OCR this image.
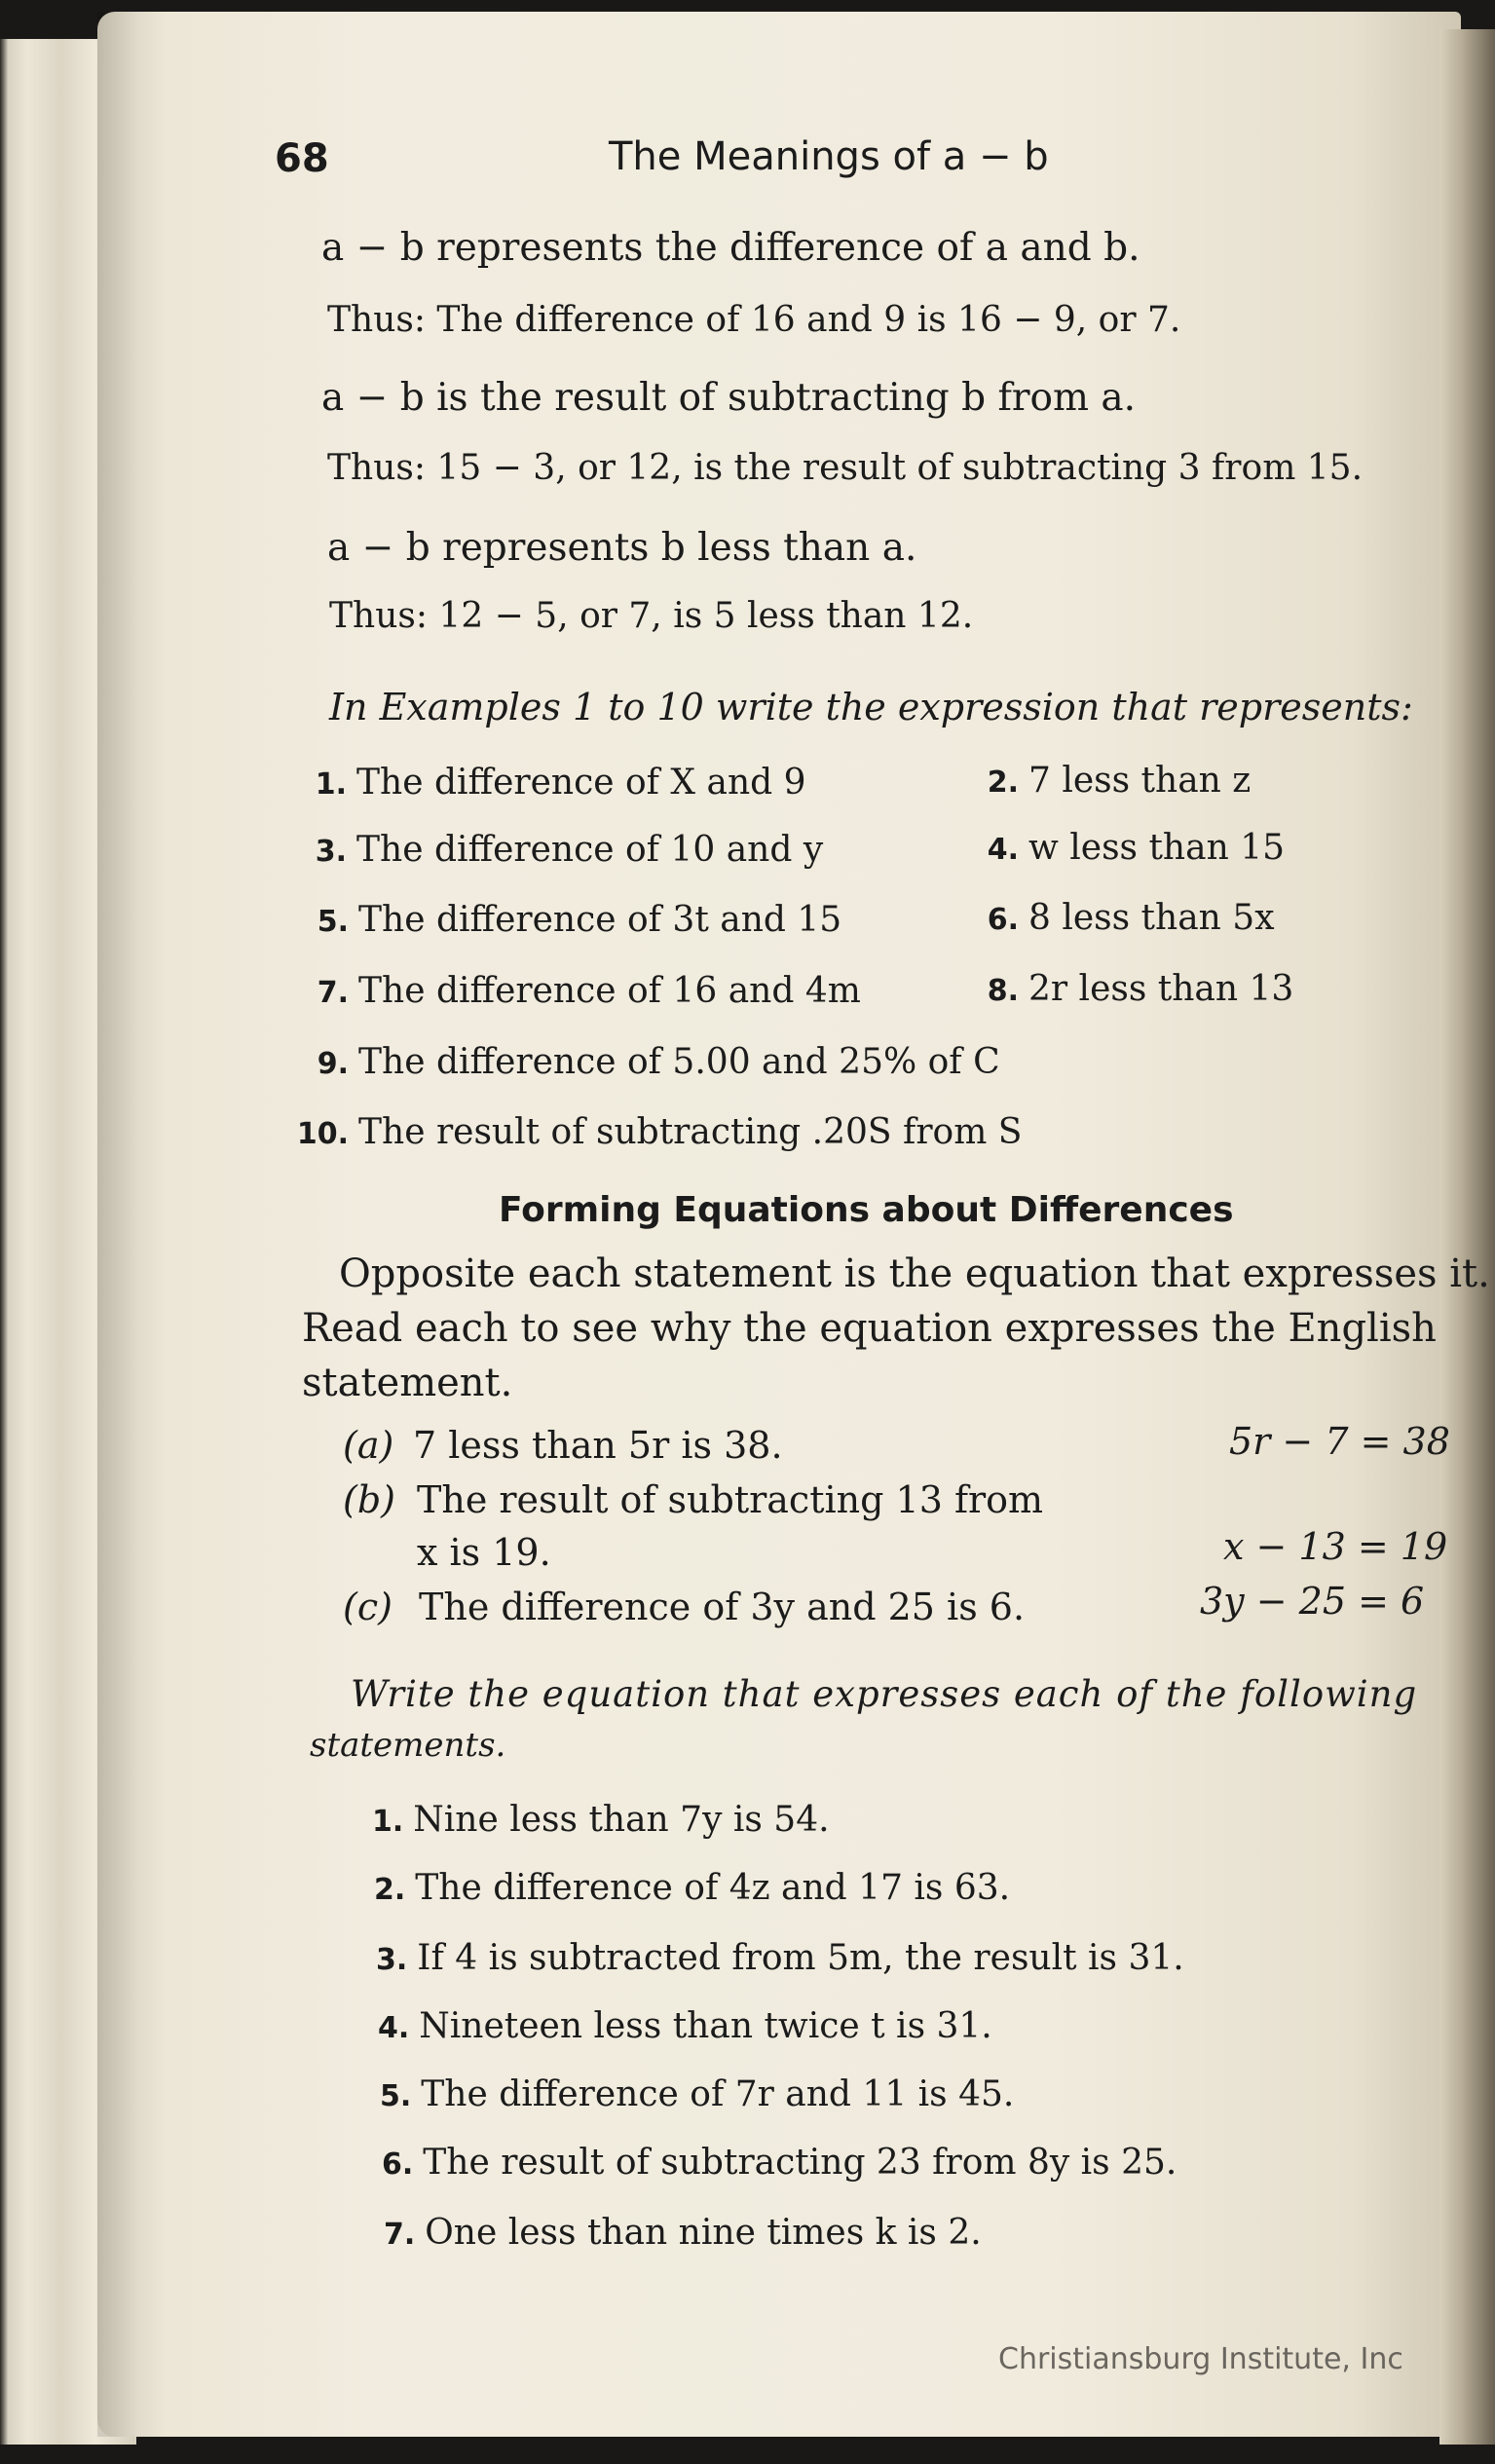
68	The Meanings of a − b
a − b represents the difference of a and b.
Thus: The difference of 16 and 9 is 16 − 9, or 7.
a − b is the result of subtracting b from a.
Thus: 15 − 3, or 12, is the result of subtracting 3 from 15.
a − b represents b less than a.
Thus: 12 − 5, or 7, is 5 less than 12.
In Examples 1 to 10 write the expression that represents:
1. The difference of X and 9	2. 7 less than z
3. The difference of 10 and y	4. w less than 15
5. The difference of 3t and 15	6. 8 less than 5x
7. The difference of 16 and 4m	8. 2r less than 13
9. The difference of 5.00 and 25% of C
10. The result of subtracting .20S from S
Forming Equations about Differences
Opposite each statement is the equation that expresses it.
Read each to see why the equation expresses the English
statement.
(a) 7 less than 5r is 38.	5r − 7 = 38
(b) The result of subtracting 13 from
x is 19.	x − 13 = 19
(c) The difference of 3y and 25 is 6.	3y − 25 = 6
Write the equation that expresses each of the following
statements.
1. Nine less than 7y is 54.
2. The difference of 4z and 17 is 63.
3. If 4 is subtracted from 5m, the result is 31.
4. Nineteen less than twice t is 31.
5. The difference of 7r and 11 is 45.
6. The result of subtracting 23 from 8y is 25.
7. One less than nine times k is 2.
Christiansburg Institute, Inc
